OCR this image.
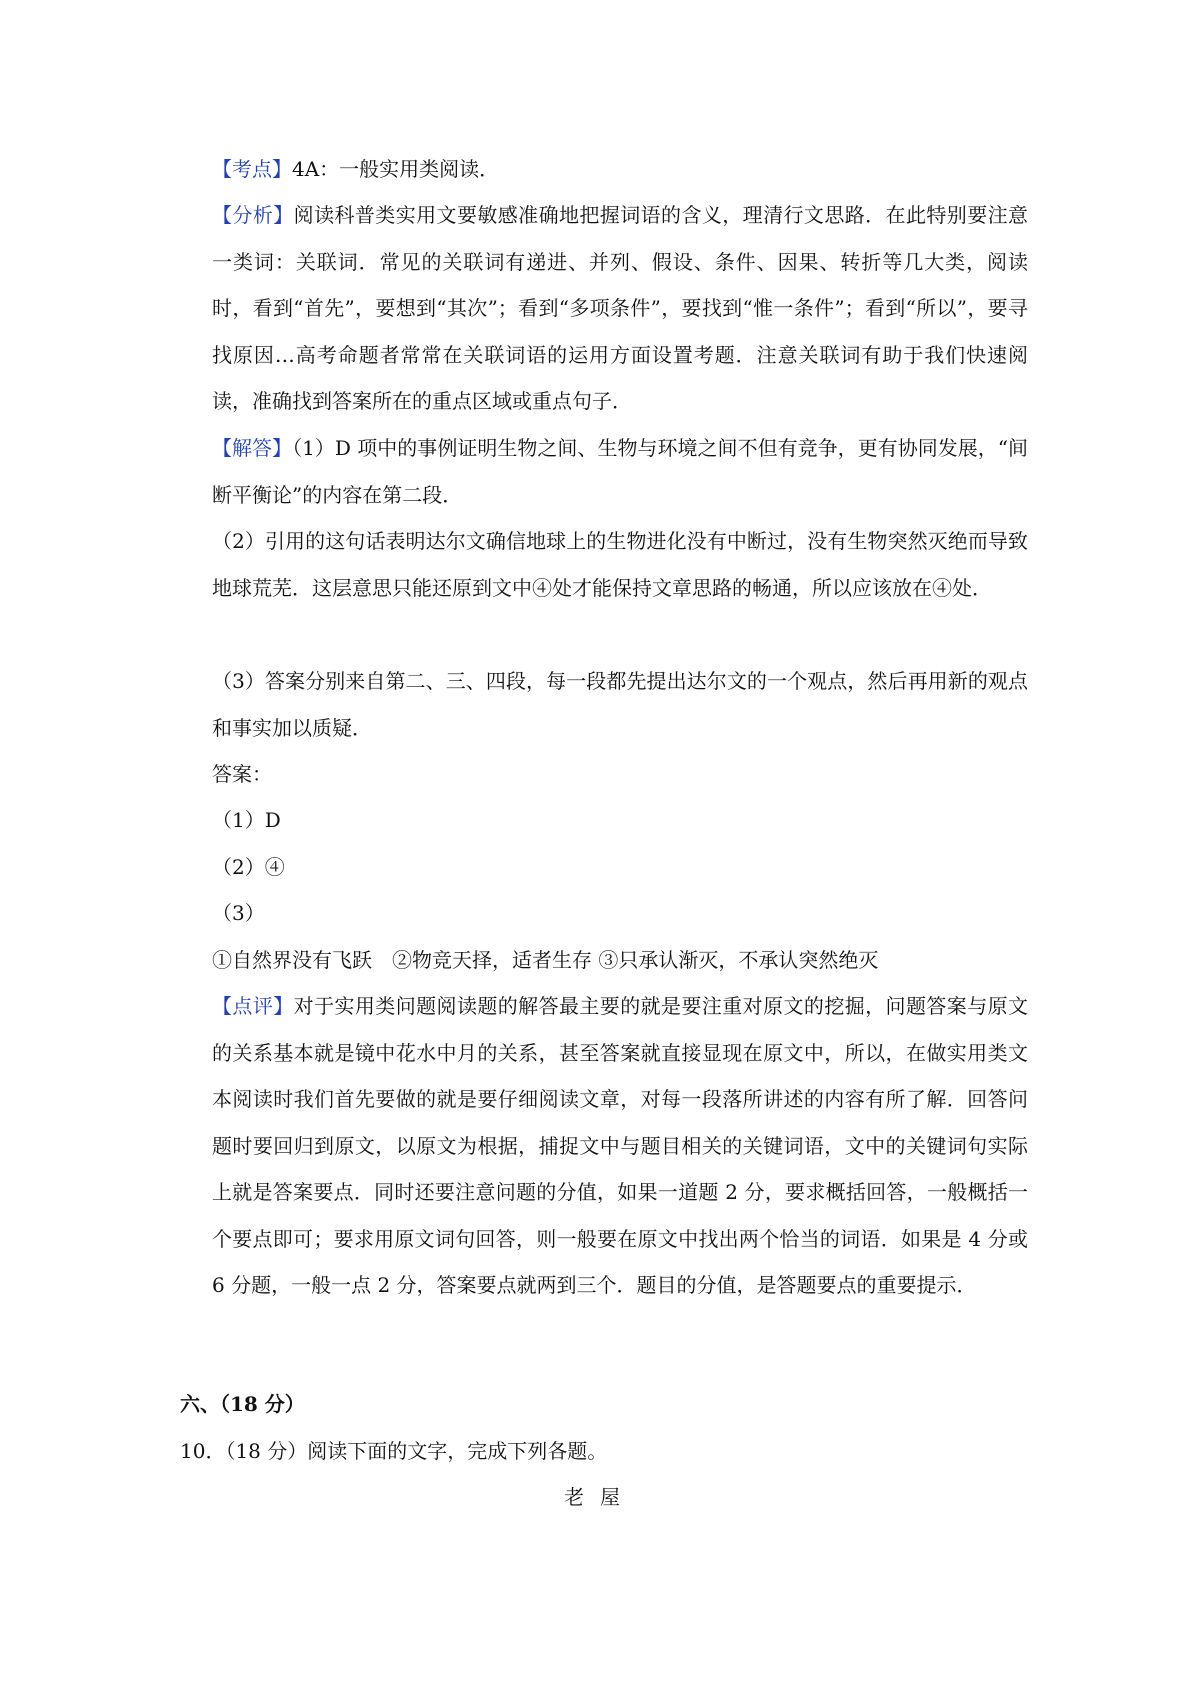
【考点】4A：一般实用类阅读．
【分析】阅读科普类实用文要敏感准确地把握词语的含义，理清行文思路．在此特别要注意一类词：关联词．常见的关联词有递进、并列、假设、条件、因果、转折等几大类，阅读时，看到“首先”，要想到“其次”；看到“多项条件”，要找到“惟一条件”；看到“所以”，要寻找原因…高考命题者常常在关联词语的运用方面设置考题．注意关联词有助于我们快速阅读，准确找到答案所在的重点区域或重点句子．
【解答】（1）D 项中的事例证明生物之间、生物与环境之间不但有竞争，更有协同发展，“间断平衡论”的内容在第二段．
（2）引用的这句话表明达尔文确信地球上的生物进化没有中断过，没有生物突然灭绝而导致地球荒芜．这层意思只能还原到文中④处才能保持文章思路的畅通，所以应该放在④处．
（3）答案分别来自第二、三、四段，每一段都先提出达尔文的一个观点，然后再用新的观点和事实加以质疑．
答案：
（1）D
（2）④
（3）
①自然界没有飞跃　②物竞天择，适者生存 ③只承认渐灭，不承认突然绝灭
【点评】对于实用类问题阅读题的解答最主要的就是要注重对原文的挖掘，问题答案与原文的关系基本就是镜中花水中月的关系，甚至答案就直接显现在原文中，所以，在做实用类文本阅读时我们首先要做的就是要仔细阅读文章，对每一段落所讲述的内容有所了解．回答问题时要回归到原文，以原文为根据，捕捉文中与题目相关的关键词语，文中的关键词句实际上就是答案要点．同时还要注意问题的分值，如果一道题 2 分，要求概括回答，一般概括一个要点即可；要求用原文词句回答，则一般要在原文中找出两个恰当的词语．如果是 4 分或 6 分题，一般一点 2 分，答案要点就两到三个．题目的分值，是答题要点的重要提示．
六、（18 分）
10．（18 分）阅读下面的文字，完成下列各题。
老屋
